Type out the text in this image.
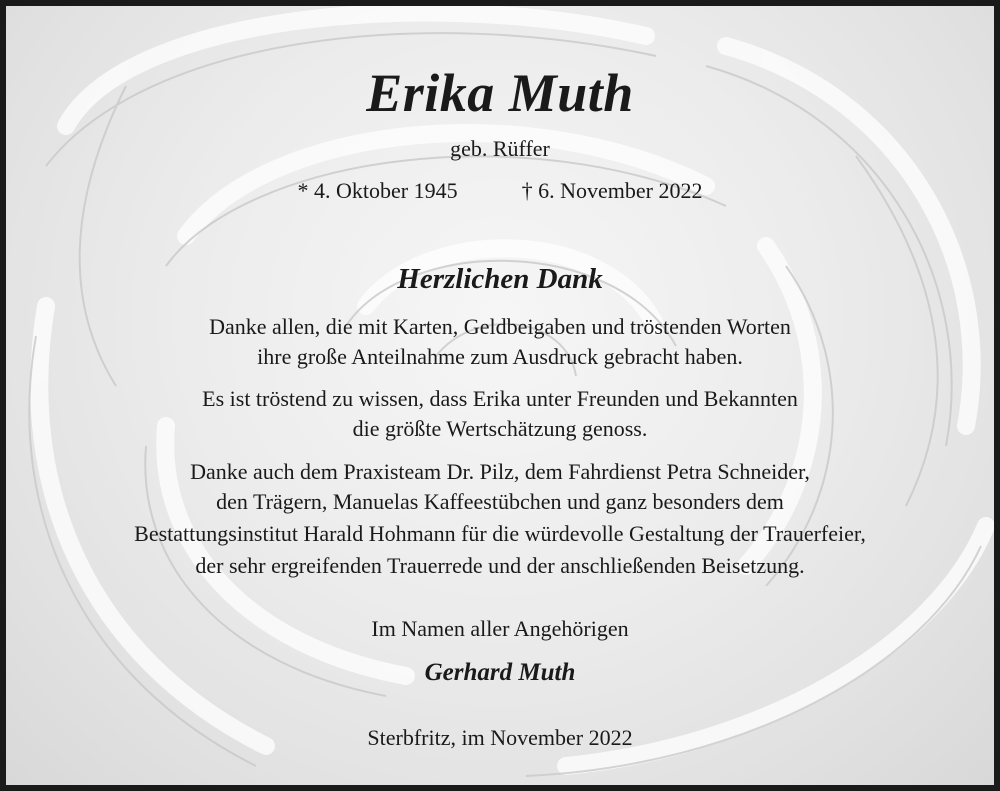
Erika Muth
geb. Rüffer
* 4. Oktober 1945	† 6. November 2022
Herzlichen Dank
Danke allen, die mit Karten, Geldbeigaben und tröstenden Worten
ihre große Anteilnahme zum Ausdruck gebracht haben.
Es ist tröstend zu wissen, dass Erika unter Freunden und Bekannten
die größte Wertschätzung genoss.
Danke auch dem Praxisteam Dr. Pilz, dem Fahrdienst Petra Schneider,
den Trägern, Manuelas Kaffeestübchen und ganz besonders dem
Bestattungsinstitut Harald Hohmann für die würdevolle Gestaltung der Trauerfeier,
der sehr ergreifenden Trauerrede und der anschließenden Beisetzung.
Im Namen aller Angehörigen
Gerhard Muth
Sterbfritz, im November 2022
